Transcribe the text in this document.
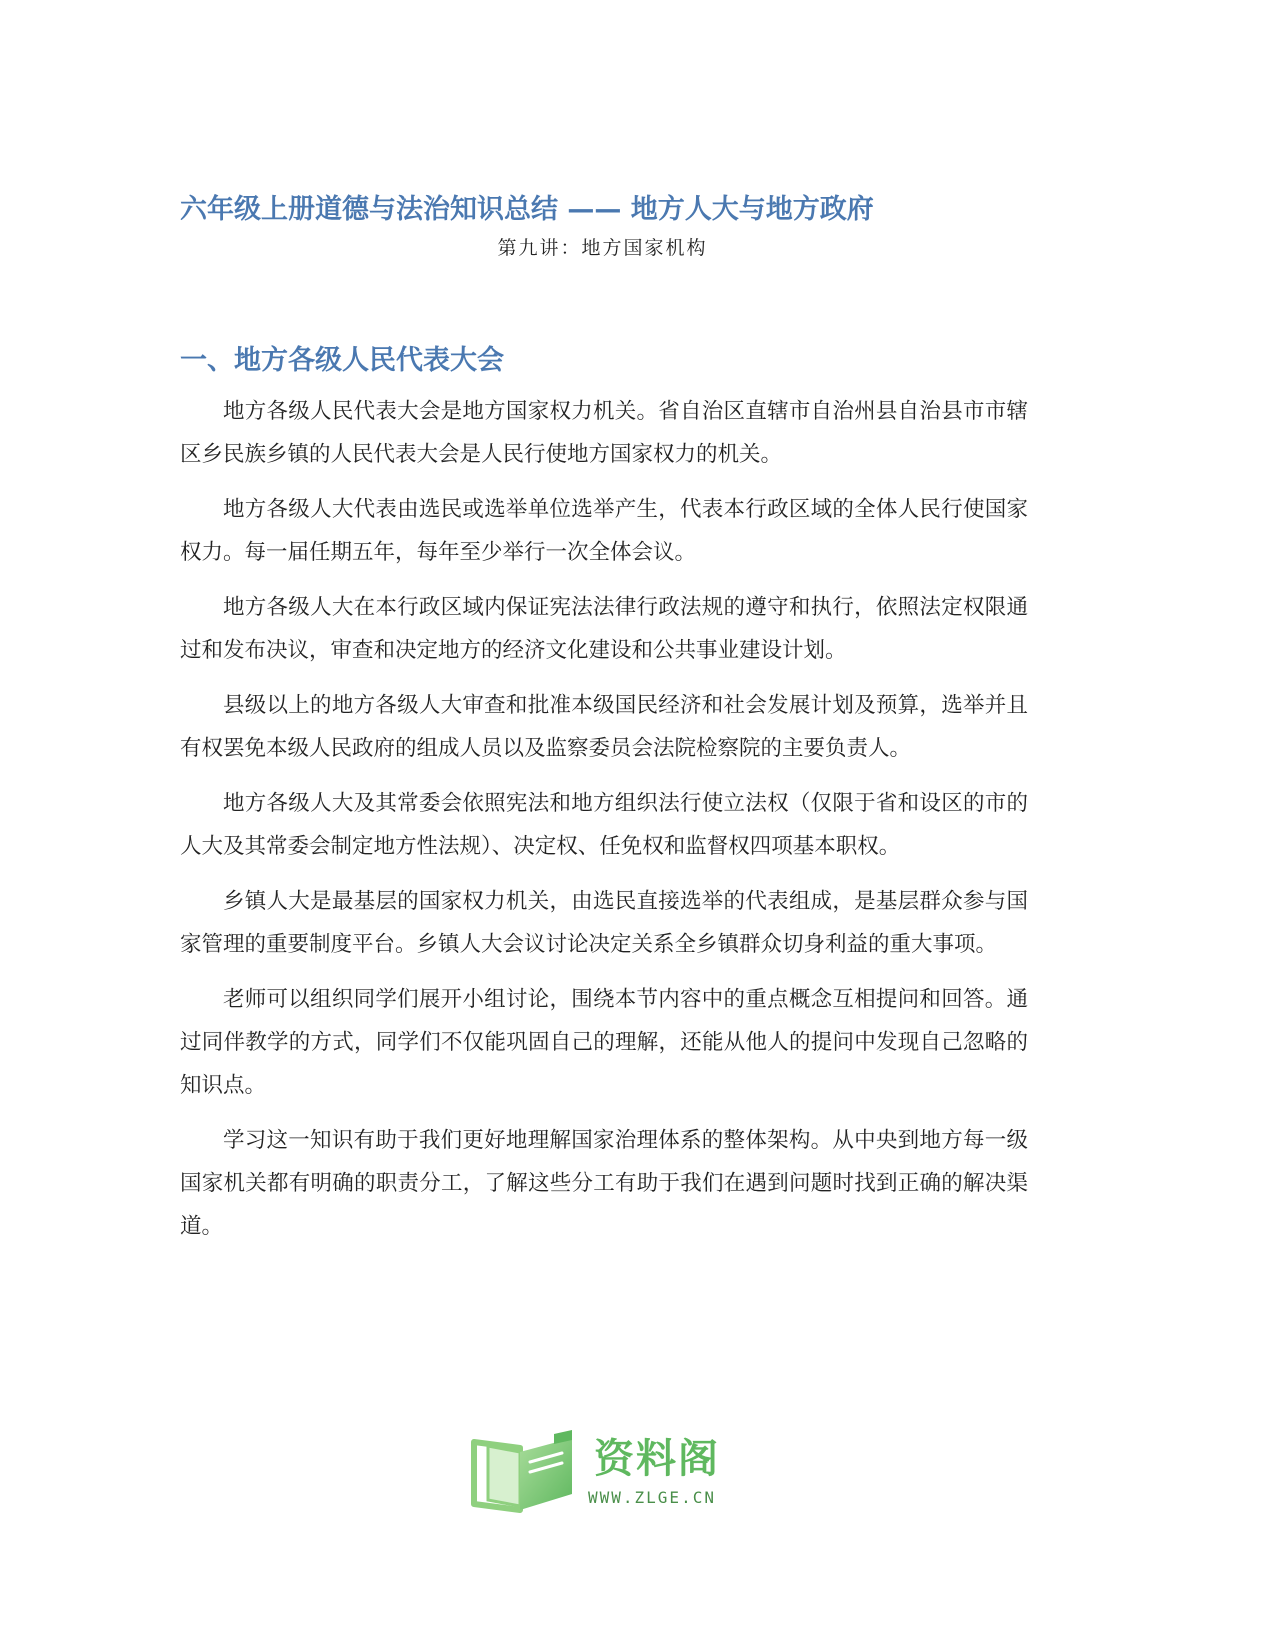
六年级上册道德与法治知识总结 —— 地方人大与地方政府
第九讲：地方国家机构
一、地方各级人民代表大会

地方各级人民代表大会是地方国家权力机关。省自治区直辖市自治州县自治县市市辖区乡民族乡镇的人民代表大会是人民行使地方国家权力的机关。

地方各级人大代表由选民或选举单位选举产生，代表本行政区域的全体人民行使国家权力。每一届任期五年，每年至少举行一次全体会议。

地方各级人大在本行政区域内保证宪法法律行政法规的遵守和执行，依照法定权限通过和发布决议，审查和决定地方的经济文化建设和公共事业建设计划。

县级以上的地方各级人大审查和批准本级国民经济和社会发展计划及预算，选举并且有权罢免本级人民政府的组成人员以及监察委员会法院检察院的主要负责人。

地方各级人大及其常委会依照宪法和地方组织法行使立法权（仅限于省和设区的市的人大及其常委会制定地方性法规）、决定权、任免权和监督权四项基本职权。

乡镇人大是最基层的国家权力机关，由选民直接选举的代表组成，是基层群众参与国家管理的重要制度平台。乡镇人大会议讨论决定关系全乡镇群众切身利益的重大事项。

老师可以组织同学们展开小组讨论，围绕本节内容中的重点概念互相提问和回答。通过同伴教学的方式，同学们不仅能巩固自己的理解，还能从他人的提问中发现自己忽略的知识点。

学习这一知识有助于我们更好地理解国家治理体系的整体架构。从中央到地方每一级国家机关都有明确的职责分工，了解这些分工有助于我们在遇到问题时找到正确的解决渠道。

资料阁
WWW.ZLGE.CN
